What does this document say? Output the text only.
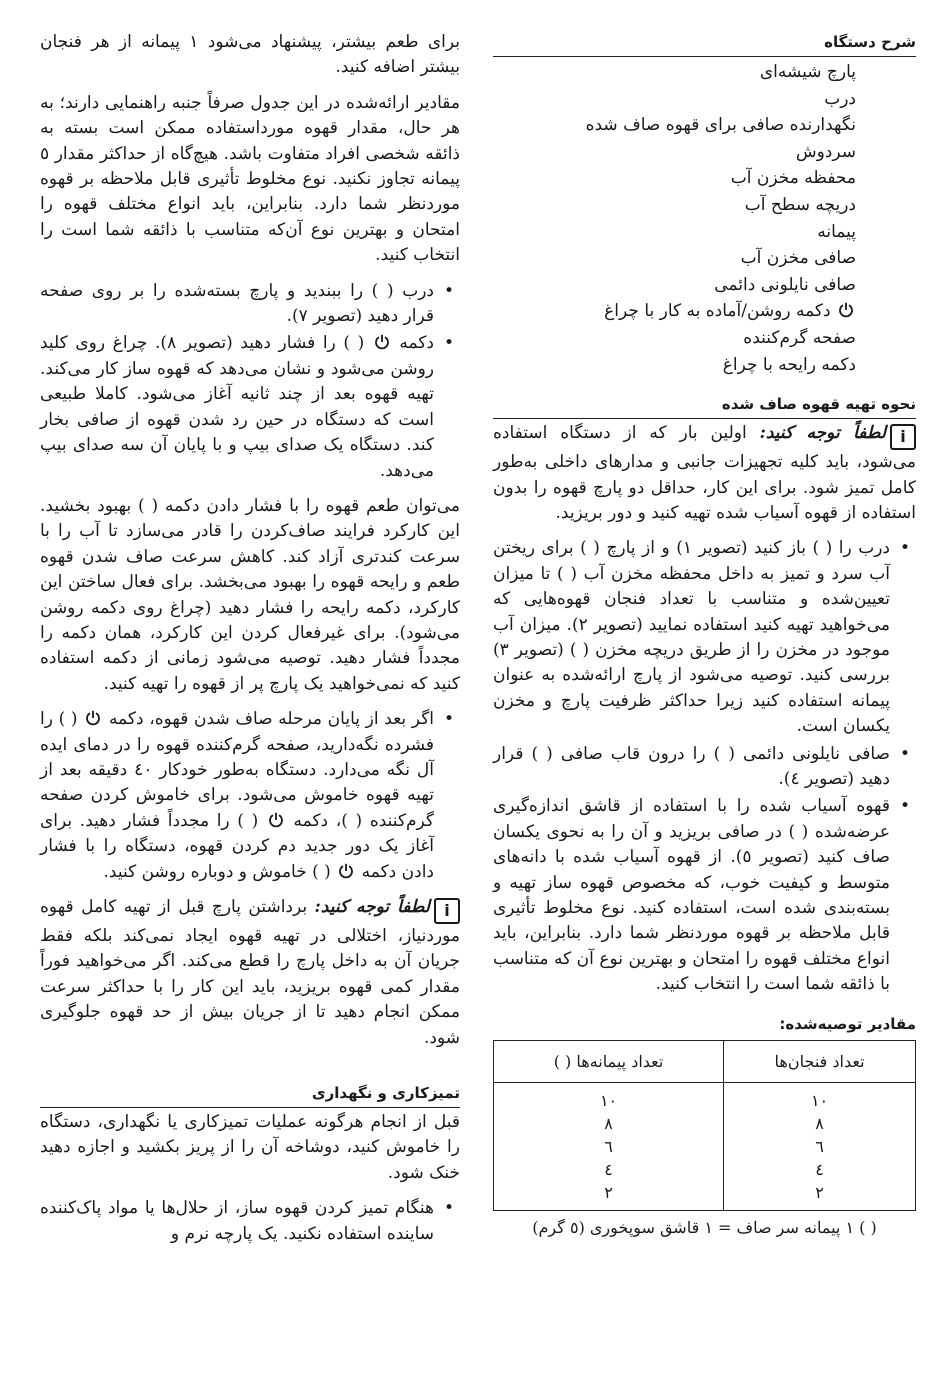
شرح دستگاه
پارچ شیشه‌ای
درب
نگهدارنده صافی برای قهوه صاف شده
سردوش
محفظه مخزن آب
دریچه سطح آب
پیمانه
صافی مخزن آب
صافی نایلونی دائمی
دکمه روشن/آماده به کار با چراغ
صفحه گرم‌کننده
دکمه رایحه با چراغ
نحوه تهیه قهوه صاف شده

iلطفاً توجه کنید: اولین بار که از دستگاه استفاده می‌شود، باید کلیه تجهیزات جانبی و مدارهای داخلی به‌طور کامل تمیز شود. برای این کار، حداقل دو پارچ قهوه را بدون استفاده از قهوه آسیاب شده تهیه کنید و دور بریزید.

• درب را ( ) باز کنید (تصویر ۱) و از پارچ ( ) برای ریختن آب سرد و تمیز به داخل محفظه مخزن آب ( ) تا میزان تعیین‌شده و متناسب با تعداد فنجان قهوه‌هایی که می‌خواهید تهیه کنید استفاده نمایید (تصویر ۲). میزان آب موجود در مخزن را از طریق دریچه مخزن ( ) (تصویر ۳) بررسی کنید. توصیه می‌شود از پارچ ارائه‌شده به عنوان پیمانه استفاده کنید زیرا حداکثر ظرفیت پارچ و مخزن یکسان است.
• صافی نایلونی دائمی ( ) را درون قاب صافی ( ) قرار دهید (تصویر ٤).
• قهوه آسیاب شده را با استفاده از قاشق اندازه‌گیری عرضه‌شده ( ) در صافی بریزید و آن را به نحوی یکسان صاف کنید (تصویر ٥). از قهوه آسیاب شده با دانه‌های متوسط و کیفیت خوب، که مخصوص قهوه ساز تهیه و بسته‌بندی شده است، استفاده کنید. نوع مخلوط تأثیری قابل ملاحظه بر قهوه موردنظر شما دارد. بنابراین، باید انواع مختلف قهوه را امتحان و بهترین نوع آن که متناسب با ذائقه شما است را انتخاب کنید.
مقادیر توصیه‌شده:
تعداد فنجان‌ها	تعداد پیمانه‌ها ( )
۱۰	۱۰
۸	۸
٦	٦
٤	٤
۲	۲
( ) ۱ پیمانه سر صاف = ۱ قاشق سوپخوری (٥ گرم)

برای طعم بیشتر، پیشنهاد می‌شود ۱ پیمانه از هر فنجان بیشتر اضافه کنید.

مقادیر ارائه‌شده در این جدول صرفاً جنبه راهنمایی دارند؛ به هر حال، مقدار قهوه مورداستفاده ممکن است بسته به ذائقه شخصی افراد متفاوت باشد. هیچ‌گاه از حداکثر مقدار ٥ پیمانه تجاوز نکنید. نوع مخلوط تأثیری قابل ملاحظه بر قهوه موردنظر شما دارد. بنابراین، باید انواع مختلف قهوه را امتحان و بهترین نوع آن‌که متناسب با ذائقه شما است را انتخاب کنید.

• درب ( ) را ببندید و پارچ بسته‌شده را بر روی صفحه قرار دهید (تصویر ۷).
• دکمه
( ) را فشار دهید (تصویر ۸). چراغ روی کلید روشن می‌شود و نشان می‌دهد که قهوه ساز کار می‌کند. تهیه قهوه بعد از چند ثانیه آغاز می‌شود. کاملا طبیعی است که دستگاه در حین رد شدن قهوه از صافی بخار کند. دستگاه یک صدای بیپ و با پایان آن سه صدای بیپ می‌دهد.

می‌توان طعم قهوه را با فشار دادن دکمه ( ) بهبود بخشید. این کارکرد فرایند صاف‌کردن را قادر می‌سازد تا آب را با سرعت کندتری آزاد کند. کاهش سرعت صاف شدن قهوه طعم و رایحه قهوه را بهبود می‌بخشد. برای فعال ساختن این کارکرد، دکمه رایحه را فشار دهید (چراغ روی دکمه روشن می‌شود). برای غیرفعال کردن این کارکرد، همان دکمه را مجدداً فشار دهید. توصیه می‌شود زمانی از دکمه استفاده کنید که نمی‌خواهید یک پارچ پر از قهوه را تهیه کنید.

• اگر بعد از پایان مرحله صاف شدن قهوه، دکمه
( ) را فشرده نگه‌دارید، صفحه گرم‌کننده قهوه را در دمای ایده آل نگه می‌دارد. دستگاه به‌طور خودکار ٤٠ دقیقه بعد از تهیه قهوه خاموش می‌شود. برای خاموش کردن صفحه گرم‌کننده ( )، دکمه
( ) را مجدداً فشار دهید. برای آغاز یک دور جدید دم کردن قهوه، دستگاه را با فشار دادن دکمه
( ) خاموش و دوباره روشن کنید.

iلطفاً توجه کنید: برداشتن پارچ قبل از تهیه کامل قهوه موردنیاز، اختلالی در تهیه قهوه ایجاد نمی‌کند بلکه فقط جریان آن به داخل پارچ را قطع می‌کند. اگر می‌خواهید فوراً مقدار کمی قهوه بریزید، باید این کار را با حداکثر سرعت ممکن انجام دهید تا از جریان بیش از حد قهوه جلوگیری شود.

تمیزکاری و نگهداری

قبل از انجام هرگونه عملیات تمیزکاری یا نگهداری، دستگاه را خاموش کنید، دوشاخه آن را از پریز بکشید و اجازه دهید خنک شود.

• هنگام تمیز کردن قهوه ساز، از حلال‌ها یا مواد پاک‌کننده ساینده استفاده نکنید. یک پارچه نرم و
